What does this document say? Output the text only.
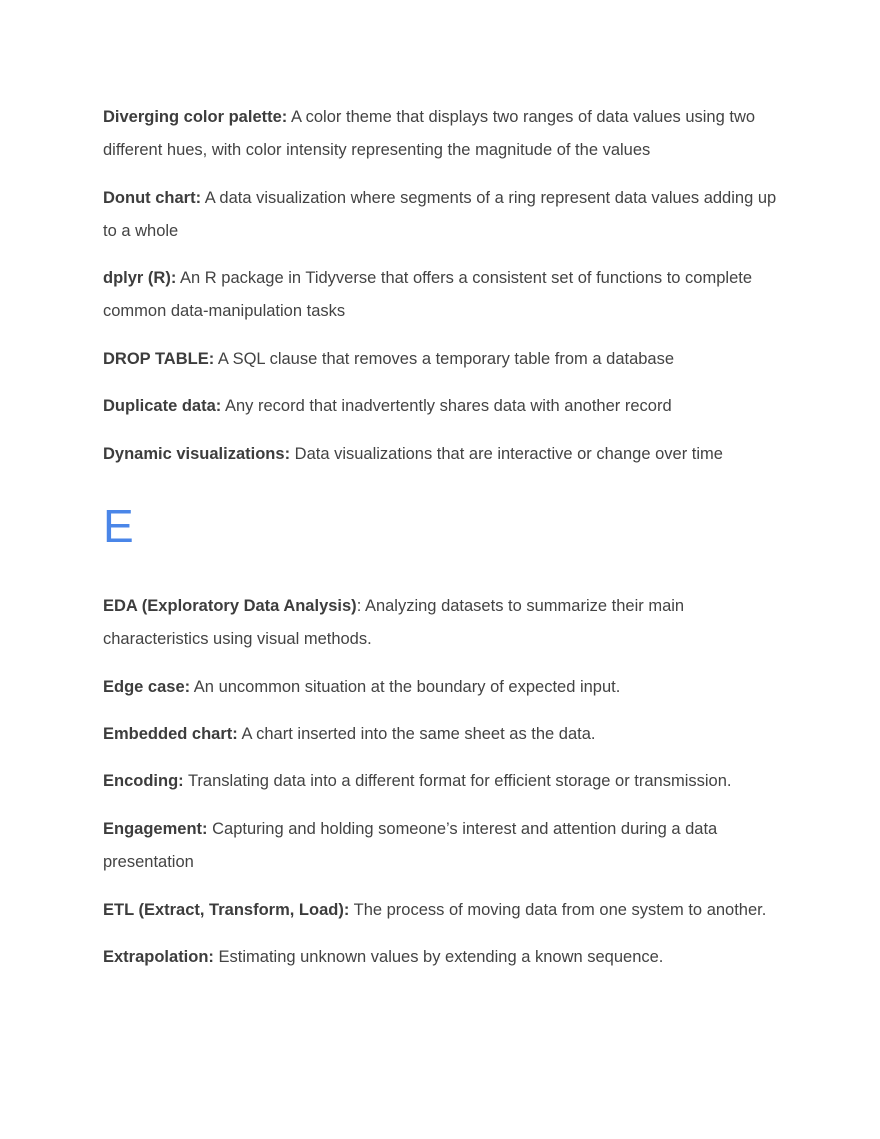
Diverging color palette: A color theme that displays two ranges of data values using two different hues, with color intensity representing the magnitude of the values

Donut chart: A data visualization where segments of a ring represent data values adding up to a whole

dplyr (R): An R package in Tidyverse that offers a consistent set of functions to complete common data-manipulation tasks

DROP TABLE: A SQL clause that removes a temporary table from a database

Duplicate data: Any record that inadvertently shares data with another record

Dynamic visualizations: Data visualizations that are interactive or change over time

E

EDA (Exploratory Data Analysis): Analyzing datasets to summarize their main characteristics using visual methods.

Edge case: An uncommon situation at the boundary of expected input.

Embedded chart: A chart inserted into the same sheet as the data.

Encoding: Translating data into a different format for efficient storage or transmission.

Engagement: Capturing and holding someone’s interest and attention during a data presentation

ETL (Extract, Transform, Load): The process of moving data from one system to another.

Extrapolation: Estimating unknown values by extending a known sequence.
